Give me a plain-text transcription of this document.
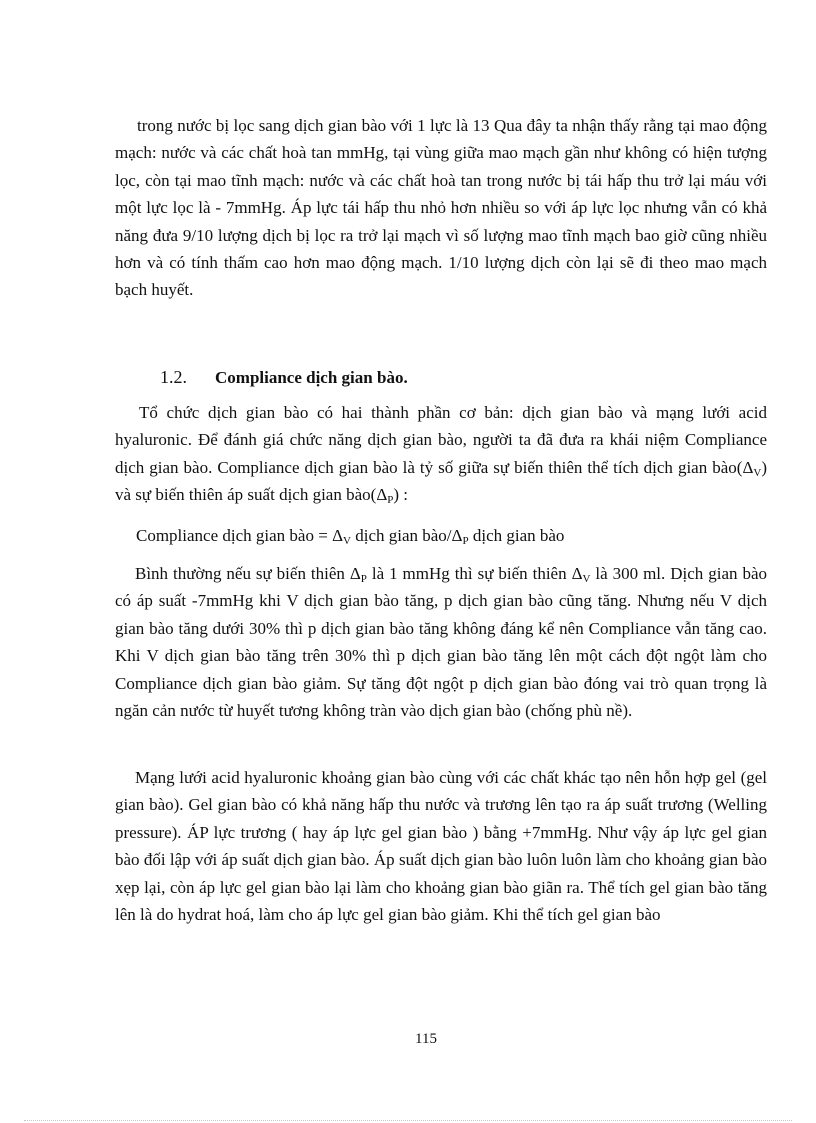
trong nước bị lọc sang dịch gian bào với 1 lực là 13 Qua đây ta nhận thấy rằng tại mao động mạch: nước và các chất hoà tan mmHg, tại vùng giữa mao mạch gần như không có hiện tượng lọc, còn tại mao tĩnh mạch: nước và các chất hoà tan trong nước bị tái hấp thu trở lại máu với một lực lọc là - 7mmHg. Áp lực tái hấp thu nhỏ hơn nhiều so với áp lực lọc nhưng vẫn có khả năng đưa 9/10 lượng dịch bị lọc ra trở lại mạch vì số lượng mao tĩnh mạch bao giờ cũng nhiều hơn và có tính thấm cao hơn mao động mạch. 1/10 lượng dịch còn lại sẽ đi theo mao mạch bạch huyết.

1.2. Compliance dịch gian bào.

Tổ chức dịch gian bào có hai thành phần cơ bản: dịch gian bào và mạng lưới acid hyaluronic. Để đánh giá chức năng dịch gian bào, người ta đã đưa ra khái niệm Compliance dịch gian bào. Compliance dịch gian bào là tỷ số giữa sự biến thiên thể tích dịch gian $bào(\Delta_V)$ và sự biến thiên áp suất dịch gian $bào(\Delta_P)$ :

Compliance dịch gian bào = $\Delta_V$ dịch gian bào/$\Delta_P$ dịch gian bào

Bình thường nếu sự biến thiên $\Delta_P$ là 1 mmHg thì sự biến thiên $\Delta_V$ là 300 ml. Dịch gian bào có áp suất -7mmHg khi V dịch gian bào tăng, p dịch gian bào cũng tăng. Nhưng nếu V dịch gian bào tăng dưới 30% thì p dịch gian bào tăng không đáng kể nên Compliance vẫn tăng cao. Khi V dịch gian bào tăng trên 30% thì p dịch gian bào tăng lên một cách đột ngột làm cho Compliance dịch gian bào giảm. Sự tăng đột ngột p dịch gian bào đóng vai trò quan trọng là ngăn cản nước từ huyết tương không tràn vào dịch gian bào (chống phù nề).

Mạng lưới acid hyaluronic khoảng gian bào cùng với các chất khác tạo nên hỗn hợp gel (gel gian bào). Gel gian bào có khả năng hấp thu nước và trương lên tạo ra áp suất trương (Welling pressure). ÁP lực trương ( hay áp lực gel gian bào ) bằng +7mmHg. Như vậy áp lực gel gian bào đối lập với áp suất dịch gian bào. Áp suất dịch gian bào luôn luôn làm cho khoảng gian bào xẹp lại, còn áp lực gel gian bào lại làm cho khoảng gian bào giãn ra. Thể tích gel gian bào tăng lên là do hydrat hoá, làm cho áp lực gel gian bào giảm. Khi thể tích gel gian bào

115
